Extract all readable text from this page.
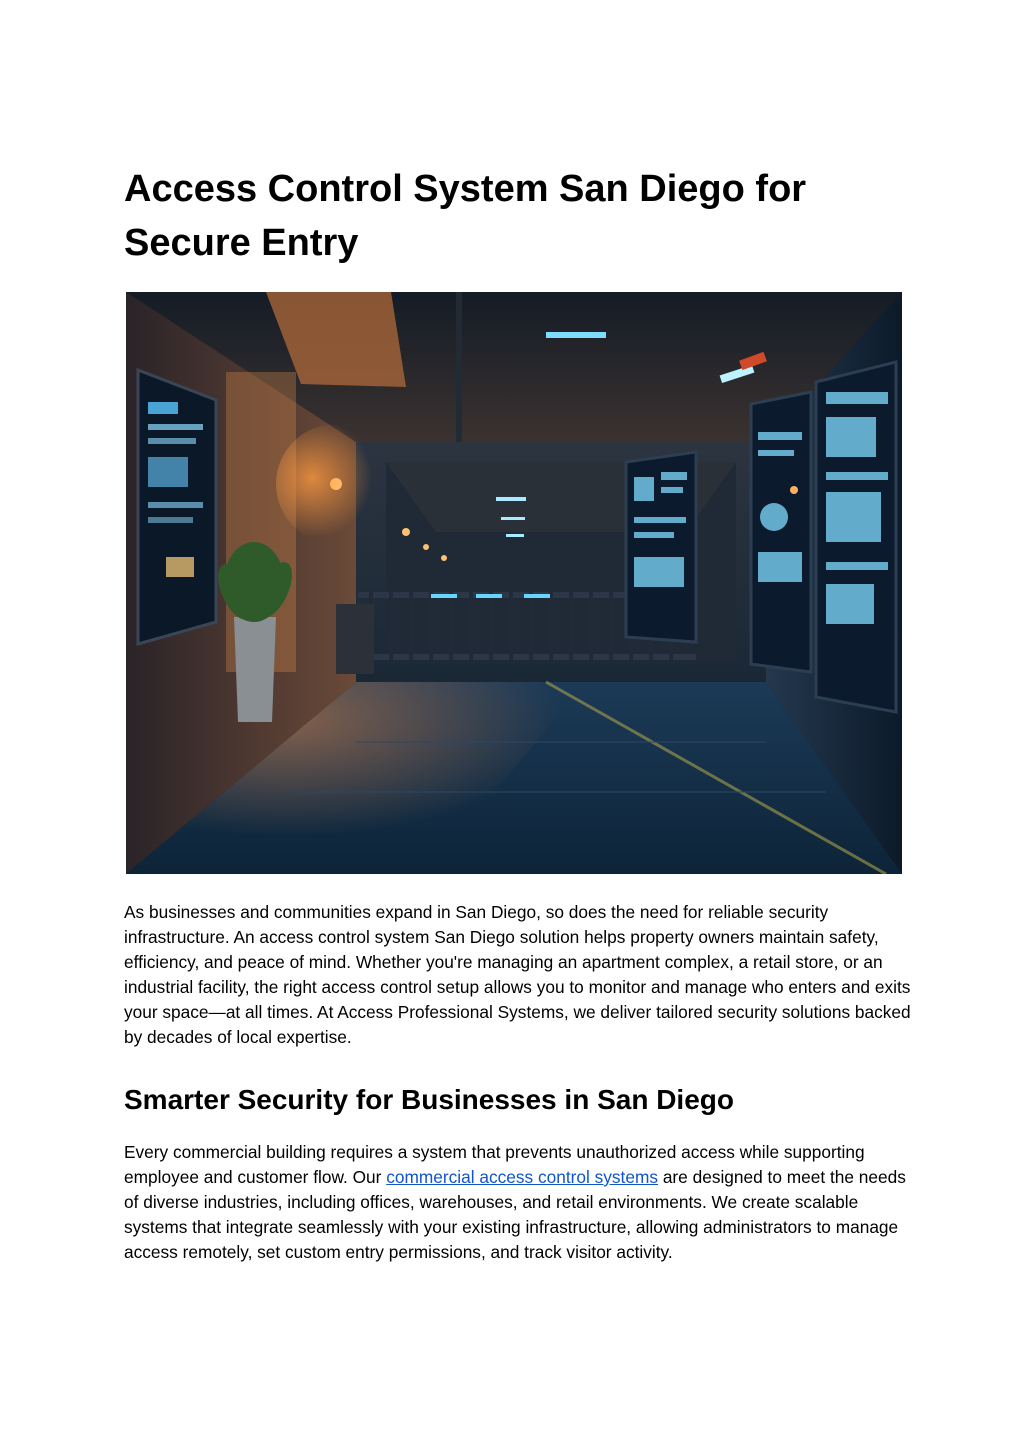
Access Control System San Diego for Secure Entry

As businesses and communities expand in San Diego, so does the need for reliable security infrastructure. An access control system San Diego solution helps property owners maintain safety, efficiency, and peace of mind. Whether you're managing an apartment complex, a retail store, or an industrial facility, the right access control setup allows you to monitor and manage who enters and exits your space—at all times. At Access Professional Systems, we deliver tailored security solutions backed by decades of local expertise.

Smarter Security for Businesses in San Diego

Every commercial building requires a system that prevents unauthorized access while supporting employee and customer flow. Our commercial access control systems are designed to meet the needs of diverse industries, including offices, warehouses, and retail environments. We create scalable systems that integrate seamlessly with your existing infrastructure, allowing administrators to manage access remotely, set custom entry permissions, and track visitor activity.
